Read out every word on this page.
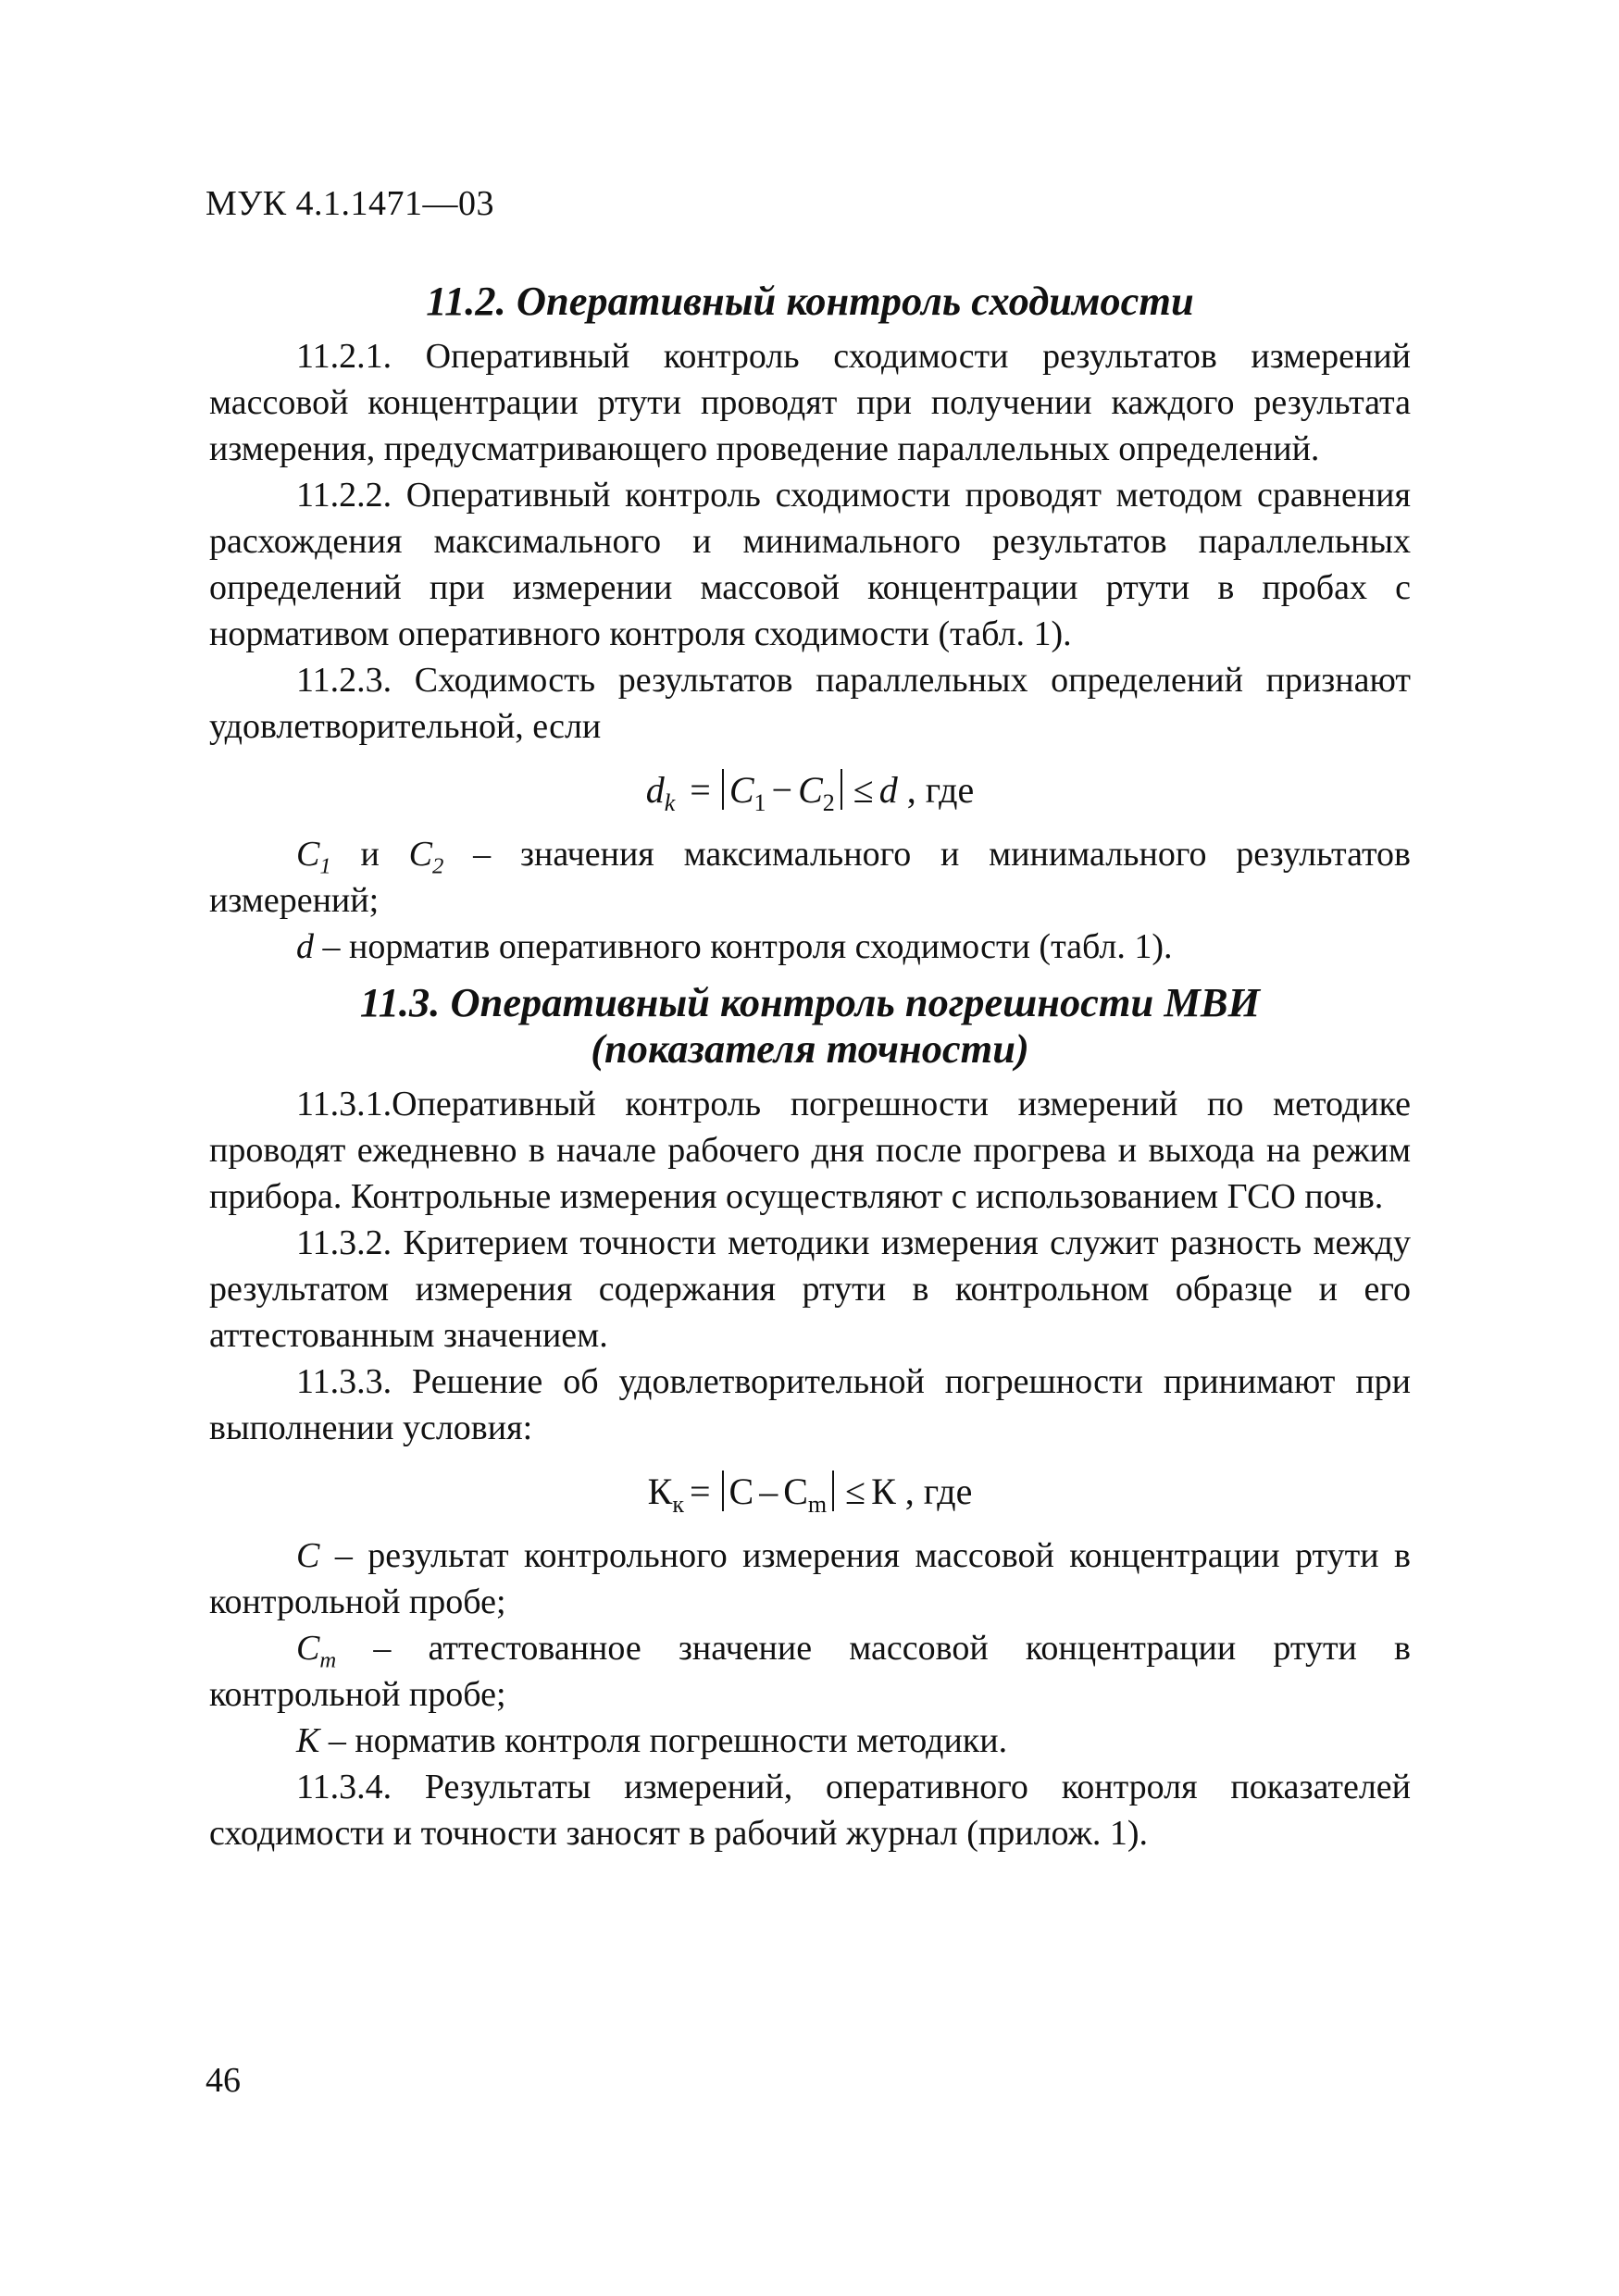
МУК 4.1.1471—03
11.2. Оперативный контроль сходимости

11.2.1. Оперативный контроль сходимости результатов измерений массовой концентрации ртути проводят при получении каждого результата измерения, предусматривающего проведение параллельных определений.

11.2.2. Оперативный контроль сходимости проводят методом сравнения расхождения максимального и минимального результатов параллельных определений при измерении массовой концентрации ртути в пробах с нормативом оперативного контроля сходимости (табл. 1).

11.2.3. Сходимость результатов параллельных определений признают удовлетворительной, если

$d_k = C_1 - C_2 \le d$ , где

$C_1$ и $C_2$ – значения максимального и минимального результатов измерений;

d – норматив оперативного контроля сходимости (табл. 1).

11.3. Оперативный контроль погрешности МВИ
(показателя точности)

11.3.1.Оперативный контроль погрешности измерений по методике проводят ежедневно в начале рабочего дня после прогрева и выхода на режим прибора. Контрольные измерения осуществляют с использованием ГСО почв.

11.3.2. Критерием точности методики измерения служит разность между результатом измерения содержания ртути в контрольном образце и его аттестованным значением.

11.3.3. Решение об удовлетворительной погрешности принимают при выполнении условия:

$К_к = С - С_m \le К$ , где

C – результат контрольного измерения массовой концентрации ртути в контрольной пробе;

$C_m$ – аттестованное значение массовой концентрации ртути в контрольной пробе;

K – норматив контроля погрешности методики.

11.3.4. Результаты измерений, оперативного контроля показателей сходимости и точности заносят в рабочий журнал (прилож. 1).

46
